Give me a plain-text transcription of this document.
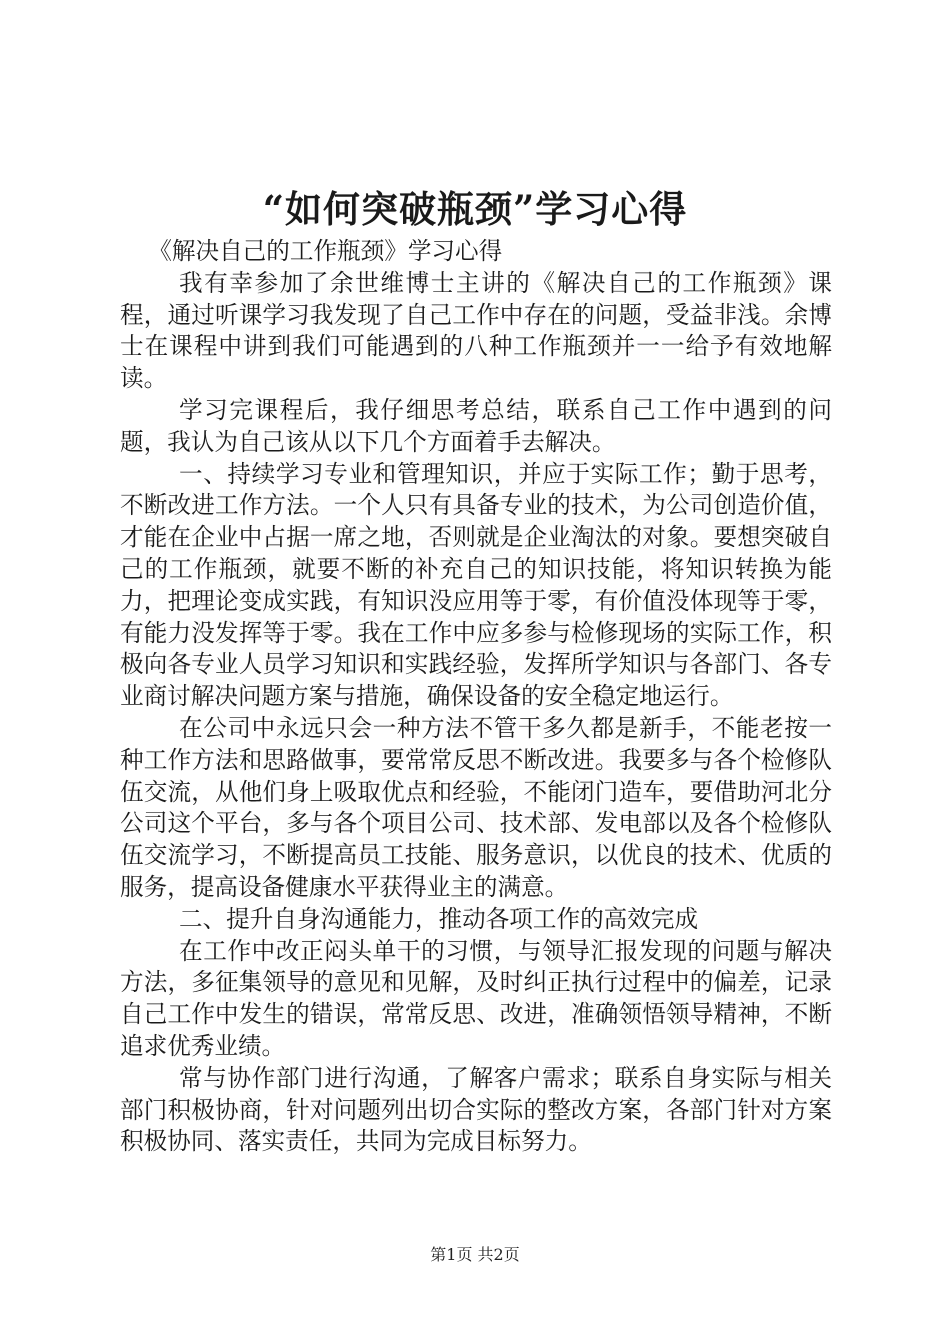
“如何突破瓶颈”学习心得

《解决自己的工作瓶颈》学习心得

我有幸参加了余世维博士主讲的《解决自己的工作瓶颈》课程，通过听课学习我发现了自己工作中存在的问题，受益非浅。余博士在课程中讲到我们可能遇到的八种工作瓶颈并一一给予有效地解读。

学习完课程后，我仔细思考总结，联系自己工作中遇到的问题，我认为自己该从以下几个方面着手去解决。

一、持续学习专业和管理知识，并应于实际工作；勤于思考，不断改进工作方法。一个人只有具备专业的技术，为公司创造价值，才能在企业中占据一席之地，否则就是企业淘汰的对象。要想突破自己的工作瓶颈，就要不断的补充自己的知识技能，将知识转换为能力，把理论变成实践，有知识没应用等于零，有价值没体现等于零，有能力没发挥等于零。我在工作中应多参与检修现场的实际工作，积极向各专业人员学习知识和实践经验，发挥所学知识与各部门、各专业商讨解决问题方案与措施，确保设备的安全稳定地运行。

在公司中永远只会一种方法不管干多久都是新手，不能老按一种工作方法和思路做事，要常常反思不断改进。我要多与各个检修队伍交流，从他们身上吸取优点和经验，不能闭门造车，要借助河北分公司这个平台，多与各个项目公司、技术部、发电部以及各个检修队伍交流学习，不断提高员工技能、服务意识，以优良的技术、优质的服务，提高设备健康水平获得业主的满意。

二、提升自身沟通能力，推动各项工作的高效完成

在工作中改正闷头单干的习惯，与领导汇报发现的问题与解决方法，多征集领导的意见和见解，及时纠正执行过程中的偏差，记录自己工作中发生的错误，常常反思、改进，准确领悟领导精神，不断追求优秀业绩。

常与协作部门进行沟通，了解客户需求；联系自身实际与相关部门积极协商，针对问题列出切合实际的整改方案，各部门针对方案积极协同、落实责任，共同为完成目标努力。

第1页 共2页
